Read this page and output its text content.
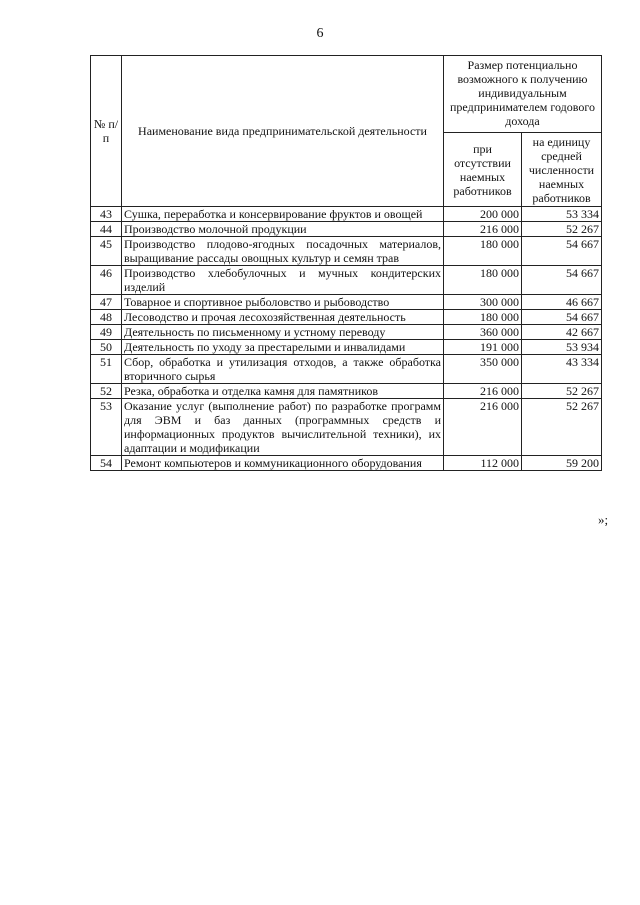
6
№ п/п	Наименование вида предпринимательской деятельности	Размер потенциально возможного к получению индивидуальным предпринимателем годового дохода	
		при отсутствии наемных работников	на единицу средней численности наемных работников
43	Сушка, переработка и консервирование фруктов и овощей	200 000	53 334
44	Производство молочной продукции	216 000	52 267
45	Производство плодово-ягодных посадочных материалов, выращивание рассады овощных культур и семян трав	180 000	54 667
46	Производство хлебобулочных и мучных кондитерских изделий	180 000	54 667
47	Товарное и спортивное рыболовство и рыбоводство	300 000	46 667
48	Лесоводство и прочая лесохозяйственная деятельность	180 000	54 667
49	Деятельность по письменному и устному переводу	360 000	42 667
50	Деятельность по уходу за престарелыми и инвалидами	191 000	53 934
51	Сбор, обработка и утилизация отходов, а также обработка вторичного сырья	350 000	43 334
52	Резка, обработка и отделка камня для памятников	216 000	52 267
53	Оказание услуг (выполнение работ) по разработке программ для ЭВМ и баз данных (программных средств и информационных продуктов вычислительной техники), их адаптации и модификации	216 000	52 267
54	Ремонт компьютеров и коммуникационного оборудования	112 000	59 200
»;
